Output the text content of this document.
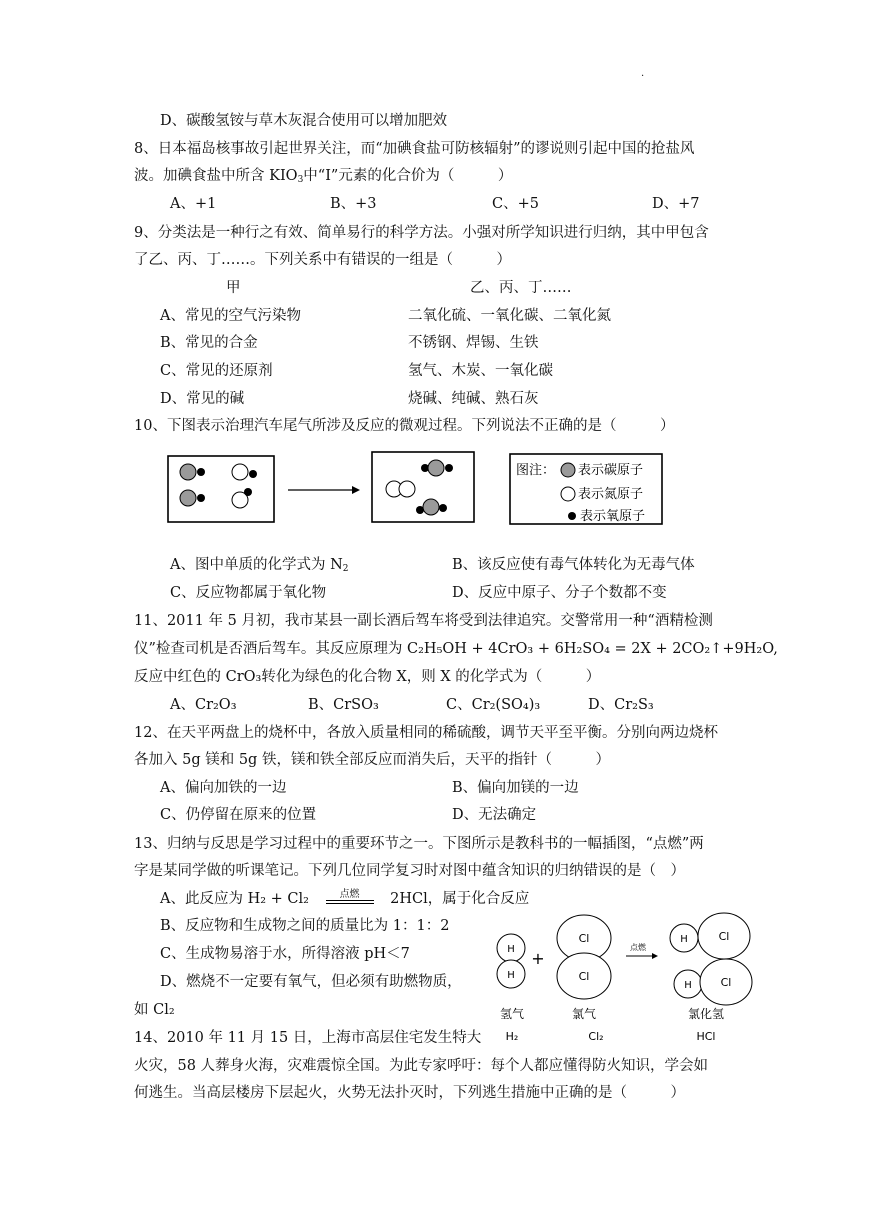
.
D、碳酸氢铵与草木灰混合使用可以增加肥效
8、日本福岛核事故引起世界关注，而“加碘食盐可防核辐射”的谬说则引起中国的抢盐风
波。加碘食盐中所含 $KIO_3$中“I”元素的化合价为（　　　）
A、+1	B、+3	C、+5	D、+7
9、分类法是一种行之有效、简单易行的科学方法。小强对所学知识进行归纳，其中甲包含
了乙、丙、丁……。下列关系中有错误的一组是（　　　）
甲	乙、丙、丁……
A、常见的空气污染物	二氧化硫、一氧化碳、二氧化氮
B、常见的合金	不锈钢、焊锡、生铁
C、常见的还原剂	氢气、木炭、一氧化碳
D、常见的碱	烧碱、纯碱、熟石灰
10、下图表示治理汽车尾气所涉及反应的微观过程。下列说法不正确的是（　　　）
图注： 表示碳原子
表示氮原子
表示氧原子
A、图中单质的化学式为 $N_2$	B、该反应使有毒气体转化为无毒气体
C、反应物都属于氧化物	D、反应中原子、分子个数都不变
11、2011 年 5 月初，我市某县一副长酒后驾车将受到法律追究。交警常用一种“酒精检测
仪”检查司机是否酒后驾车。其反应原理为 C₂H₅OH + 4CrO₃ + 6H₂SO₄ = 2X + 2CO₂↑+9H₂O,
反应中红色的 CrO₃转化为绿色的化合物 X，则 X 的化学式为（　　　）
A、Cr₂O₃	B、CrSO₃	C、Cr₂(SO₄)₃	D、Cr₂S₃
12、在天平两盘上的烧杯中，各放入质量相同的稀硫酸，调节天平至平衡。分别向两边烧杯
各加入 5g 镁和 5g 铁，镁和铁全部反应而消失后，天平的指针（　　　）
A、偏向加铁的一边	B、偏向加镁的一边
C、仍停留在原来的位置	D、无法确定
13、归纳与反思是学习过程中的重要环节之一。下图所示是教科书的一幅插图，“点燃”两
字是某同学做的听课笔记。下列几位同学复习时对图中蕴含知识的归纳错误的是（　）
A、此反应为 H₂ + Cl₂	点燃	2HCl，属于化合反应
B、反应物和生成物之间的质量比为 1：1：2
C、生成物易溶于水，所得溶液 pH＜7
D、燃烧不一定要有氧气，但必须有助燃物质，
如 Cl₂
H
H
+
Cl
Cl
点燃
H	Cl
H	Cl
氢气	氯气	氯化氢
H₂	Cl₂	HCl
14、2010 年 11 月 15 日，上海市高层住宅发生特大
火灾，58 人葬身火海，灾难震惊全国。为此专家呼吁：每个人都应懂得防火知识，学会如
何逃生。当高层楼房下层起火，火势无法扑灭时，下列逃生措施中正确的是（　　　）
